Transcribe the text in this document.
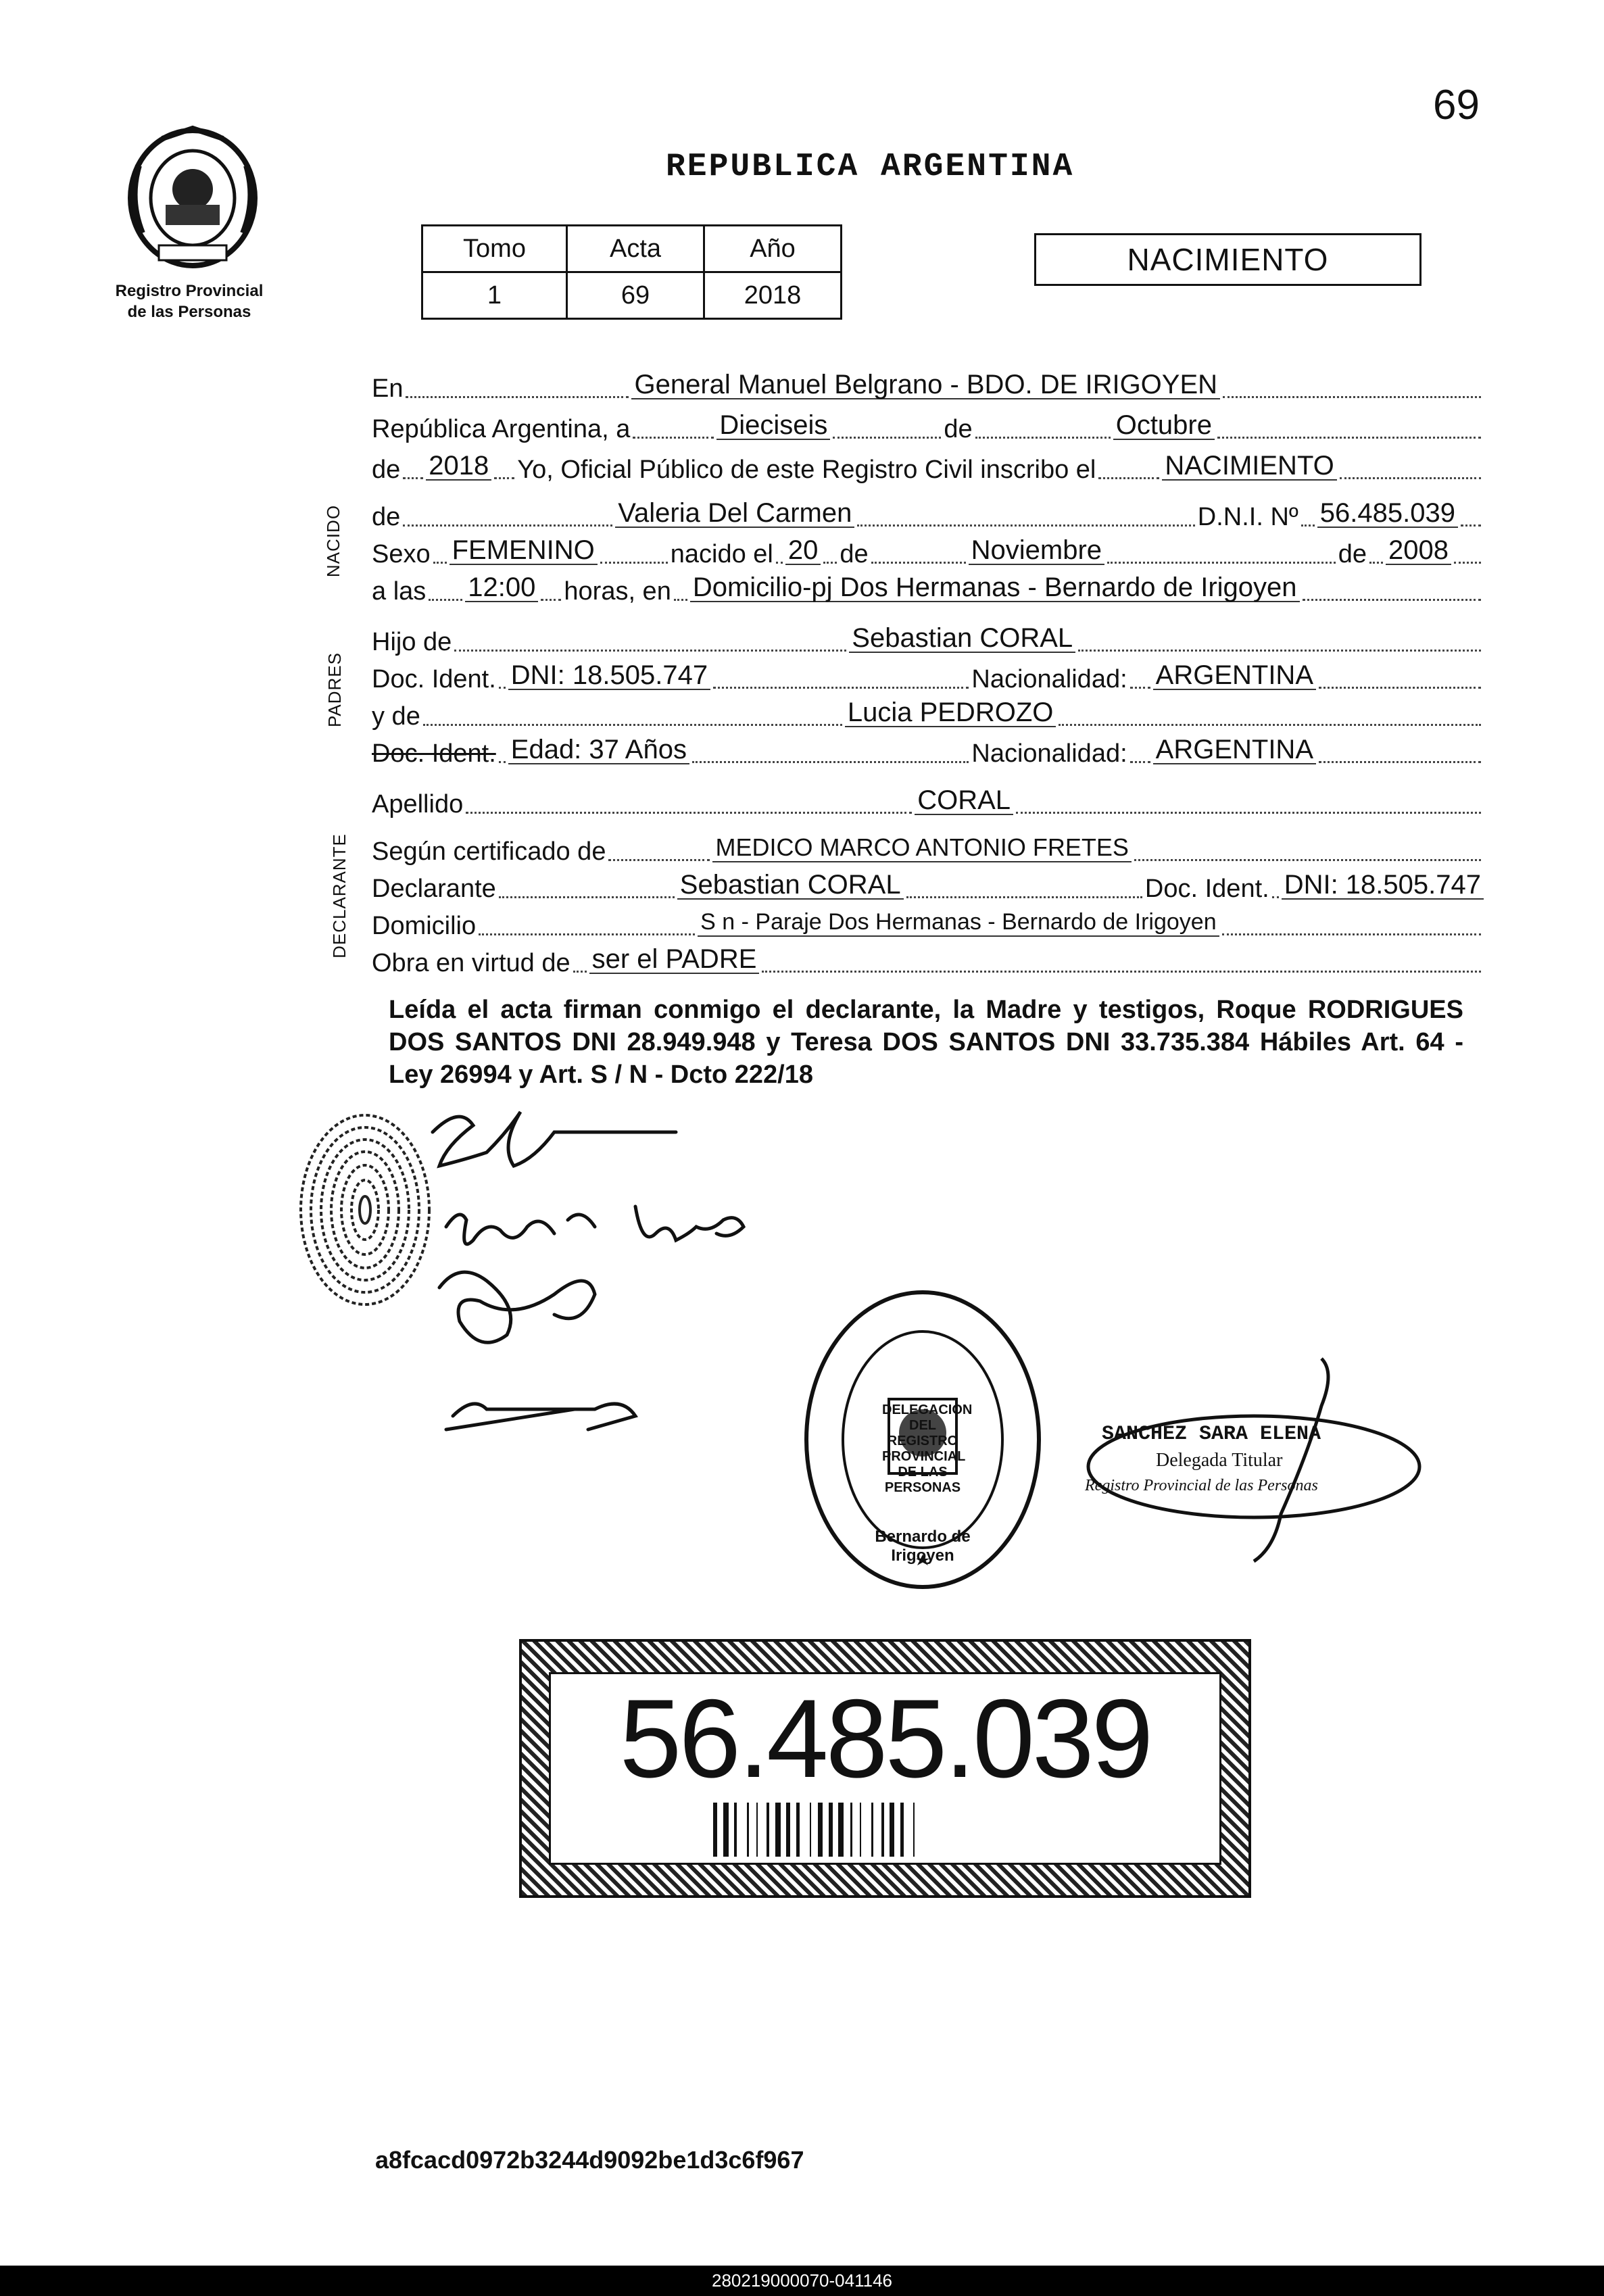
69
Registro Provincial
de las Personas
REPUBLICA ARGENTINA
Tomo	Acta	Año
1	69	2018
NACIMIENTO
NACIDO
PADRES
DECLARANTE
En	General Manuel Belgrano - BDO. DE IRIGOYEN
República Argentina, a	Dieciseis	de	Octubre
de 2018 Yo, Oficial Público de este Registro Civil inscribo el	NACIMIENTO
de	Valeria Del Carmen	D.N.I. Nº 56.485.039
Sexo FEMENINO	nacido el 20 de	Noviembre	de 2008
a las 12:00 horas, en Domicilio-pj Dos Hermanas - Bernardo de Irigoyen
Hijo de	Sebastian CORAL
Doc. Ident. DNI: 18.505.747	Nacionalidad: ARGENTINA
y de	Lucia PEDROZO
Doc. Ident. Edad: 37 Años	Nacionalidad: ARGENTINA
Apellido	CORAL
Según certificado de	MEDICO MARCO ANTONIO FRETES
Declarante	Sebastian CORAL	Doc. Ident. DNI: 18.505.747
Domicilio	S n - Paraje Dos Hermanas - Bernardo de Irigoyen
Obra en virtud de ser el PADRE
Leída el acta firman conmigo el declarante, la Madre y testigos, Roque RODRIGUES DOS SANTOS DNI 28.949.948 y Teresa DOS SANTOS DNI 33.735.384 Hábiles Art. 64 - Ley 26994 y Art. S / N - Dcto 222/18
DELEGACION DEL REGISTRO PROVINCIAL DE LAS PERSONAS
Bernardo de Irigoyen
SANCHEZ SARA ELENA
Delegada Titular
Registro Provincial de las Personas
56.485.039
a8fcacd0972b3244d9092be1d3c6f967
280219000070-041146
